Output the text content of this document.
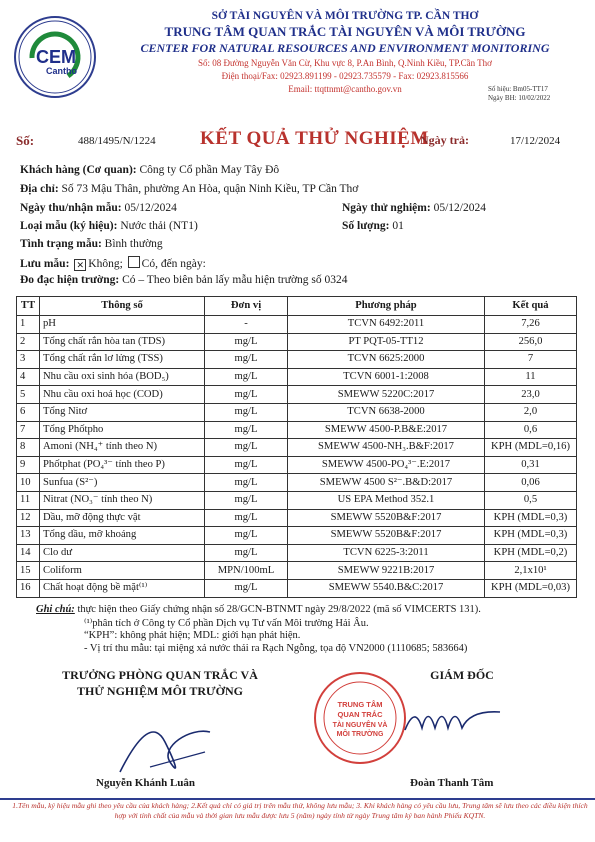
CEM
Cantho
SỞ TÀI NGUYÊN VÀ MÔI TRƯỜNG TP. CẦN THƠ
TRUNG TÂM QUAN TRẮC TÀI NGUYÊN VÀ MÔI TRƯỜNG
CENTER FOR NATURAL RESOURCES AND ENVIRONMENT MONITORING
Số: 08 Đường Nguyễn Văn Cừ, Khu vực 8, P.An Bình, Q.Ninh Kiều, TP.Cần Thơ
Điện thoại/Fax: 02923.891199 - 02923.735579 - Fax: 02923.815566
Email: ttqttnmt@cantho.gov.vn	Số hiệu: Bm05-TT17
Ngày BH: 10/02/2022
Số:	488/1495/N/1224 KẾT QUẢ THỬ NGHIỆM
Ngày trả:	17/12/2024
Khách hàng (Cơ quan): Công ty Cổ phần May Tây Đô
Địa chỉ: Số 73 Mậu Thân, phường An Hòa, quận Ninh Kiều, TP Cần Thơ
Ngày thu/nhận mẫu: 05/12/2024	Ngày thử nghiệm: 05/12/2024
Loại mẫu (ký hiệu): Nước thải (NT1)	Số lượng: 01
Tình trạng mẫu: Bình thường
Lưu mẫu: ✕ Không; Có, đến ngày:
Đo đạc hiện trường: Có – Theo biên bản lấy mẫu hiện trường số 0324
TT	Thông số	Đơn vị	Phương pháp	Kết quả
1	pH	-	TCVN 6492:2011	7,26
2	Tổng chất rắn hòa tan (TDS)	mg/L	PT PQT-05-TT12	256,0
3	Tổng chất rắn lơ lửng (TSS)	mg/L	TCVN 6625:2000	7
4	Nhu cầu oxi sinh hóa (BOD₅)	mg/L	TCVN 6001-1:2008	11
5	Nhu cầu oxi hoá học (COD)	mg/L	SMEWW 5220C:2017	23,0
6	Tổng Nitơ	mg/L	TCVN 6638-2000	2,0
7	Tổng Phốtpho	mg/L	SMEWW 4500-P.B&E:2017	0,6
8	Amoni (NH₄⁺ tính theo N)	mg/L	SMEWW 4500-NH₃.B&F:2017	KPH (MDL=0,16)
9	Phốtphat (PO₄³⁻ tính theo P)	mg/L	SMEWW 4500-PO₄³⁻.E:2017	0,31
10	Sunfua (S²⁻)	mg/L	SMEWW 4500 S²⁻.B&D:2017	0,06
11	Nitrat (NO₃⁻ tính theo N)	mg/L	US EPA Method 352.1	0,5
12	Dầu, mỡ động thực vật	mg/L	SMEWW 5520B&F:2017	KPH (MDL=0,3)
13	Tổng dầu, mỡ khoáng	mg/L	SMEWW 5520B&F:2017	KPH (MDL=0,3)
14	Clo dư	mg/L	TCVN 6225-3:2011	KPH (MDL=0,2)
15	Coliform	MPN/100mL	SMEWW 9221B:2017	2,1x10¹
16	Chất hoạt động bề mặt⁽¹⁾	mg/L	SMEWW 5540.B&C:2017	KPH (MDL=0,03)
Ghi chú: thực hiện theo Giấy chứng nhận số 28/GCN-BTNMT ngày 29/8/2022 (mã số VIMCERTS 131).
⁽¹⁾phân tích ở Công ty Cổ phần Dịch vụ Tư vấn Môi trường Hải Âu.
“KPH”: không phát hiện; MDL: giới hạn phát hiện.
- Vị trí thu mẫu: tại miệng xả nước thải ra Rạch Ngỗng, tọa độ VN2000 (1110685; 583664)
TRƯỞNG PHÒNG QUAN TRẮC VÀ
THỬ NGHIỆM MÔI TRƯỜNG
GIÁM ĐỐC
TRUNG TÂM
QUAN TRẮC
TÀI NGUYÊN VÀ
MÔI TRƯỜNG
Nguyễn Khánh Luân	Đoàn Thanh Tâm
1.Tên mẫu, ký hiệu mẫu ghi theo yêu cầu của khách hàng; 2.Kết quả chỉ có giá trị trên mẫu thử, không lưu mẫu; 3. Khi khách hàng có yêu cầu lưu, Trung tâm sẽ lưu theo các điều kiện thích hợp với tính chất của mẫu và thời gian lưu mẫu được lưu 5 (năm) ngày tính từ ngày Trung tâm ký ban hành Phiếu KQTN.
